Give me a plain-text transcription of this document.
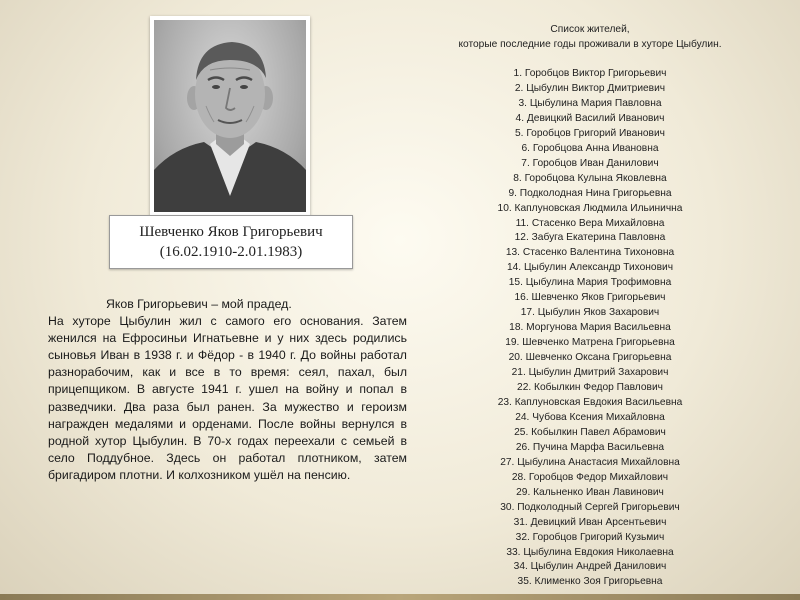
Шевченко Яков Григорьевич
(16.02.1910-2.01.1983)
Яков Григорьевич – мой прадед.
На хуторе Цыбулин жил с самого его основания. Затем женился на Ефросиньи Игнатьевне и у них здесь родились сыновья Иван в 1938 г. и Фёдор - в 1940 г. До войны работал разнорабочим, как и все в то время: сеял, пахал, был прицепщиком. В августе 1941 г. ушел на войну и попал в разведчики. Два раза был ранен. За мужество и героизм награжден медалями и орденами. После войны вернулся в родной хутор Цыбулин. В 70-х годах переехали с семьей в село Поддубное. Здесь он работал плотником, затем бригадиром плотни. И колхозником ушёл на пенсию.
Список жителей,
которые последние годы проживали в хуторе Цыбулин.
1. Горобцов Виктор Григорьевич
2. Цыбулин Виктор Дмитриевич
3. Цыбулина Мария Павловна
4. Девицкий Василий Иванович
5. Горобцов Григорий Иванович
6. Горобцова Анна Ивановна
7. Горобцов Иван Данилович
8. Горобцова Кулына Яковлевна
9. Подколодная Нина Григорьевна
10. Каплуновская Людмила Ильинична
11. Стасенко Вера Михайловна
12. Забуга Екатерина Павловна
13. Стасенко Валентина Тихоновна
14. Цыбулин Александр Тихонович
15. Цыбулина Мария Трофимовна
16. Шевченко Яков Григорьевич
17. Цыбулин Яков Захарович
18. Моргунова Мария Васильевна
19. Шевченко Матрена Григорьевна
20. Шевченко Оксана Григорьевна
21. Цыбулин Дмитрий Захарович
22. Кобылкин Федор Павлович
23. Каплуновская Евдокия Васильевна
24. Чубова Ксения Михайловна
25. Кобылкин Павел Абрамович
26. Пучина Марфа Васильевна
27. Цыбулина Анастасия Михайловна
28. Горобцов Федор Михайлович
29. Кальненко Иван Лавинович
30. Подколодный Сергей Григорьевич
31. Девицкий Иван Арсентьевич
32. Горобцов Григорий Кузьмич
33. Цыбулина Евдокия Николаевна
34. Цыбулин Андрей Данилович
35. Клименко Зоя Григорьевна
